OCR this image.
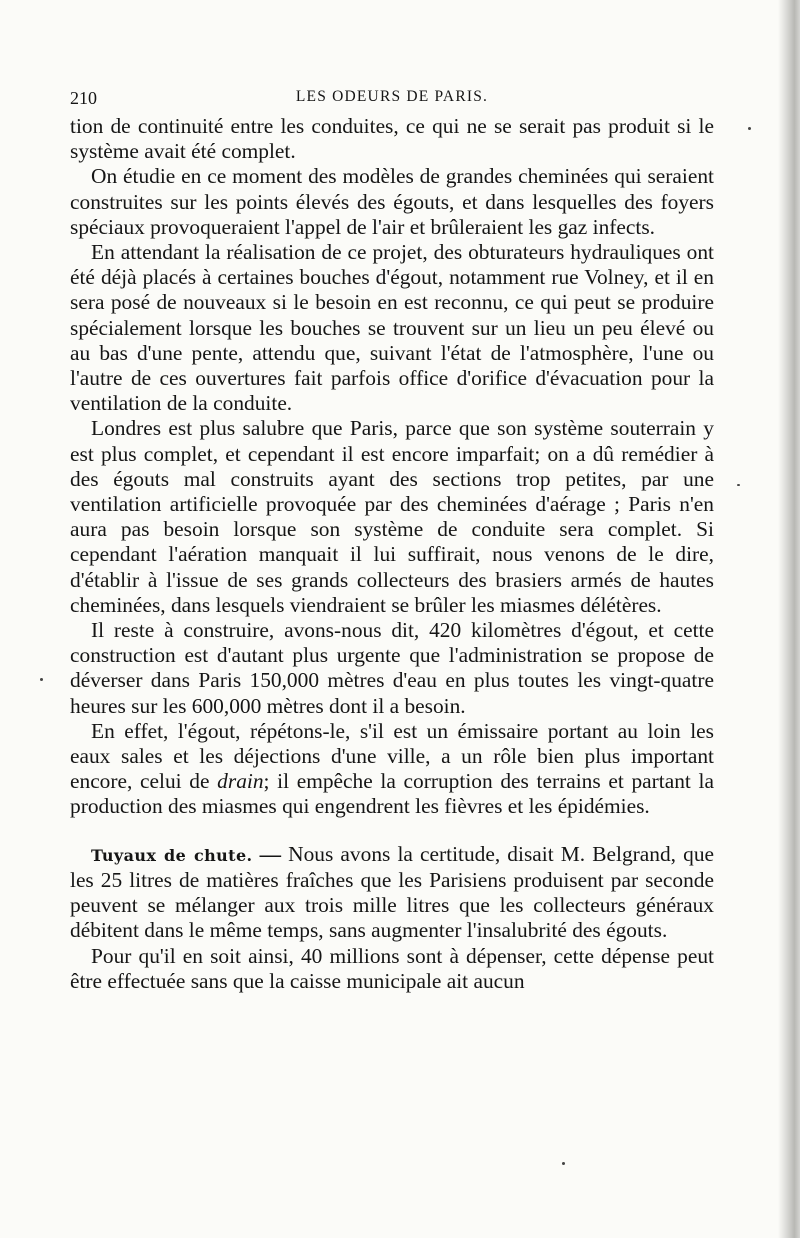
210	LES ODEURS DE PARIS.

tion de continuité entre les conduites, ce qui ne se serait pas produit si le système avait été complet.

On étudie en ce moment des modèles de grandes cheminées qui seraient construites sur les points élevés des égouts, et dans lesquelles des foyers spéciaux provoqueraient l'appel de l'air et brûleraient les gaz infects.

En attendant la réalisation de ce projet, des obturateurs hydrauliques ont été déjà placés à certaines bouches d'égout, notamment rue Volney, et il en sera posé de nouveaux si le besoin en est reconnu, ce qui peut se produire spécialement lorsque les bouches se trouvent sur un lieu un peu élevé ou au bas d'une pente, attendu que, suivant l'état de l'atmosphère, l'une ou l'autre de ces ouvertures fait parfois office d'orifice d'évacuation pour la ventilation de la conduite.

Londres est plus salubre que Paris, parce que son système souterrain y est plus complet, et cependant il est encore imparfait; on a dû remédier à des égouts mal construits ayant des sections trop petites, par une ventilation artificielle provoquée par des cheminées d'aérage ; Paris n'en aura pas besoin lorsque son système de conduite sera complet. Si cependant l'aération manquait il lui suffirait, nous venons de le dire, d'établir à l'issue de ses grands collecteurs des brasiers armés de hautes cheminées, dans lesquels viendraient se brûler les miasmes délétères.

Il reste à construire, avons-nous dit, 420 kilomètres d'égout, et cette construction est d'autant plus urgente que l'administration se propose de déverser dans Paris 150,000 mètres d'eau en plus toutes les vingt-quatre heures sur les 600,000 mètres dont il a besoin.

En effet, l'égout, répétons-le, s'il est un émissaire portant au loin les eaux sales et les déjections d'une ville, a un rôle bien plus important encore, celui de drain; il empêche la corruption des terrains et partant la production des miasmes qui engendrent les fièvres et les épidémies.

Tuyaux de chute. — Nous avons la certitude, disait M. Belgrand, que les 25 litres de matières fraîches que les Parisiens produisent par seconde peuvent se mélanger aux trois mille litres que les collecteurs généraux débitent dans le même temps, sans augmenter l'insalubrité des égouts.

Pour qu'il en soit ainsi, 40 millions sont à dépenser, cette dépense peut être effectuée sans que la caisse municipale ait aucun
